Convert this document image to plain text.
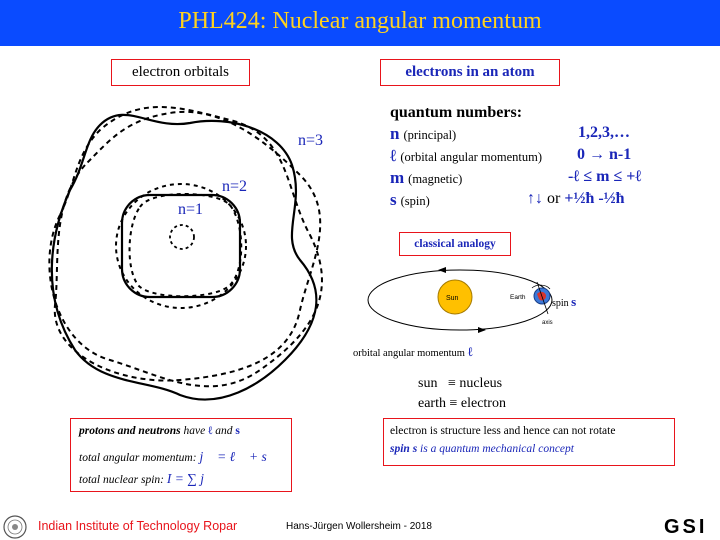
PHL424: Nuclear angular momentum
electron orbitals
n=3
n=2
n=1
electrons in an atom
quantum numbers:
n (principal)	1,2,3,…
ℓ (orbital angular momentum) 0 → n-1
m (magnetic)	-ℓ ≤ m ≤ +ℓ
s (spin)	↑↓ or +½ħ -½ħ
classical analogy
Sun	Earth
axis
spin s
orbital angular momentum ℓ
sun   ≡ nucleus
earth ≡ electron
protons and neutrons have ℓ and s
total angular momentum: j⃗ = ℓ⃗ + s⃗
total nuclear spin: I = ∑ j
electron is structure less and hence can not rotate
spin s is a quantum mechanical concept
Indian Institute of Technology Ropar	Hans-Jürgen Wollersheim - 2018	GSI
